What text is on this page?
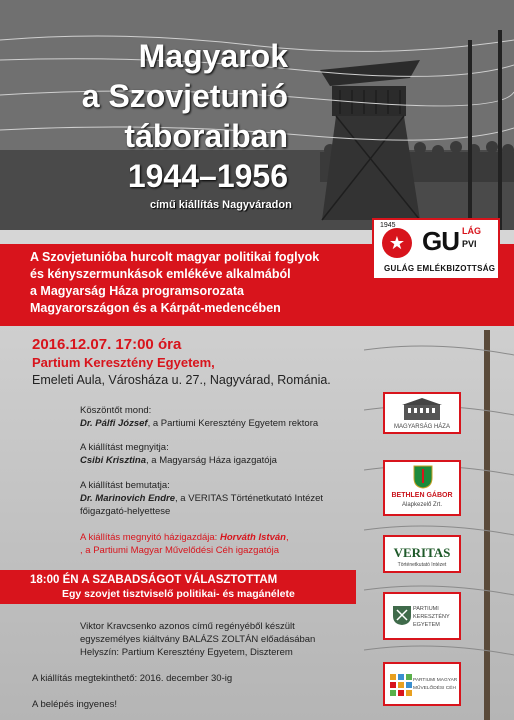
Magyarok
a Szovjetunió
táboraiban
1944–1956
című kiállítás Nagyváradon
A Szovjetunióba hurcolt magyar politikai foglyok
és kényszermunkások emlékéve alkalmából
a Magyarság Háza programsorozata
Magyarországon és a Kárpát-medencében
★
1945
GU LÁG
PVI
GULÁG EMLÉKBIZOTTSÁG
2016.12.07. 17:00 óra
Partium Keresztény Egyetem,
Emeleti Aula, Városháza u. 27., Nagyvárad, Románia.
Köszöntőt mond:
Dr. Pálfi József, a Partiumi Keresztény Egyetem rektora
A kiállítást megnyitja:
Csibi Krisztina, a Magyarság Háza igazgatója
A kiállítást bemutatja:
Dr. Marinovich Endre, a VERITAS Történetkutató Intézet
főigazgató-helyettese
A kiállítás megnyitó házigazdája: Horváth István,
, a Partiumi Magyar Művelődési Céh igazgatója
18:00 ÉN A SZABADSÁGOT VÁLASZTOTTAM
Egy szovjet tisztviselő politikai- és magánélete
Viktor Kravcsenko azonos című regényéből készült
egyszemélyes kiáltvány BALÁZS ZOLTÁN előadásában
Helyszín: Partium Keresztény Egyetem, Diszterem
A kiállítás megtekinthető: 2016. december 30-ig
A belépés ingyenes!
MAGYARSÁG HÁZA
BETHLEN GÁBOR
Alapkezelő Zrt.
VERITAS
Történetkutató Intézet
PARTIUMI
KERESZTÉNY
EGYETEM
PARTIUMI MAGYAR
MŰVELŐDÉSI CÉH
